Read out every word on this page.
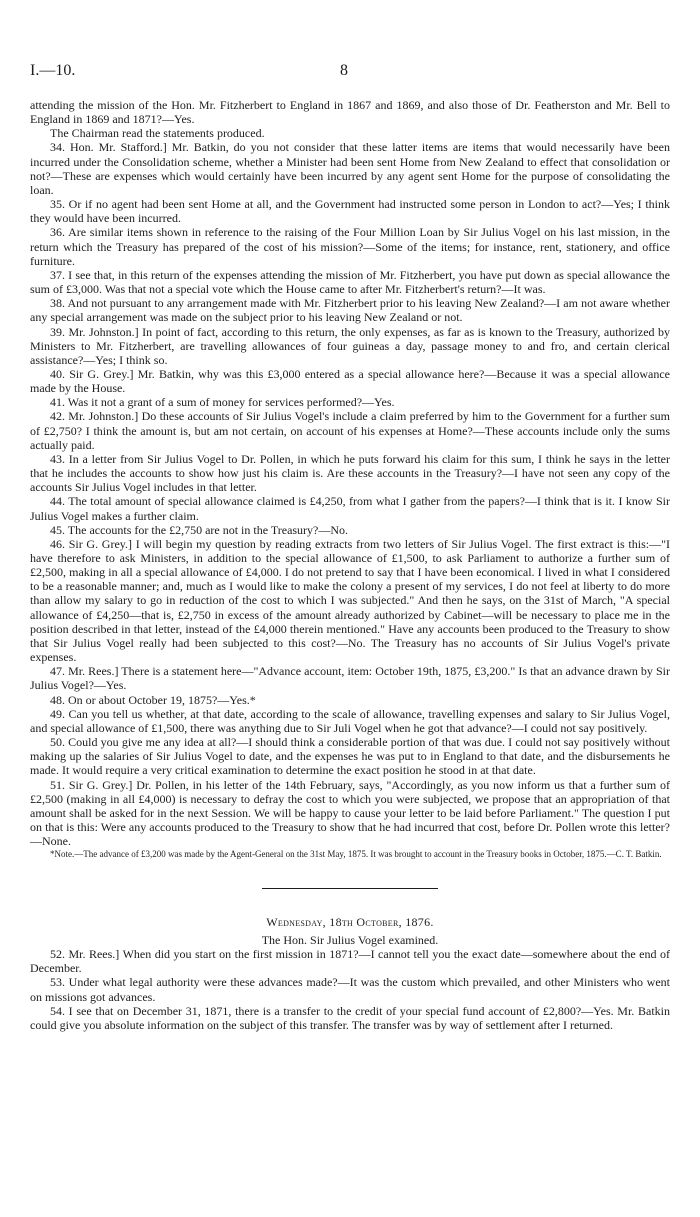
I.—10.	8

attending the mission of the Hon. Mr. Fitzherbert to England in 1867 and 1869, and also those of Dr. Featherston and Mr. Bell to England in 1869 and 1871?—Yes.

The Chairman read the statements produced.

34. Hon. Mr. Stafford.] Mr. Batkin, do you not consider that these latter items are items that would necessarily have been incurred under the Consolidation scheme, whether a Minister had been sent Home from New Zealand to effect that consolidation or not?—These are expenses which would certainly have been incurred by any agent sent Home for the purpose of consolidating the loan.

35. Or if no agent had been sent Home at all, and the Government had instructed some person in London to act?—Yes; I think they would have been incurred.

36. Are similar items shown in reference to the raising of the Four Million Loan by Sir Julius Vogel on his last mission, in the return which the Treasury has prepared of the cost of his mission?—Some of the items; for instance, rent, stationery, and office furniture.

37. I see that, in this return of the expenses attending the mission of Mr. Fitzherbert, you have put down as special allowance the sum of £3,000. Was that not a special vote which the House came to after Mr. Fitzherbert's return?—It was.

38. And not pursuant to any arrangement made with Mr. Fitzherbert prior to his leaving New Zealand?—I am not aware whether any special arrangement was made on the subject prior to his leaving New Zealand or not.

39. Mr. Johnston.] In point of fact, according to this return, the only expenses, as far as is known to the Treasury, authorized by Ministers to Mr. Fitzherbert, are travelling allowances of four guineas a day, passage money to and fro, and certain clerical assistance?—Yes; I think so.

40. Sir G. Grey.] Mr. Batkin, why was this £3,000 entered as a special allowance here?—Because it was a special allowance made by the House.

41. Was it not a grant of a sum of money for services performed?—Yes.

42. Mr. Johnston.] Do these accounts of Sir Julius Vogel's include a claim preferred by him to the Government for a further sum of £2,750? I think the amount is, but am not certain, on account of his expenses at Home?—These accounts include only the sums actually paid.

43. In a letter from Sir Julius Vogel to Dr. Pollen, in which he puts forward his claim for this sum, I think he says in the letter that he includes the accounts to show how just his claim is. Are these accounts in the Treasury?—I have not seen any copy of the accounts Sir Julius Vogel includes in that letter.

44. The total amount of special allowance claimed is £4,250, from what I gather from the papers?—I think that is it. I know Sir Julius Vogel makes a further claim.

45. The accounts for the £2,750 are not in the Treasury?—No.

46. Sir G. Grey.] I will begin my question by reading extracts from two letters of Sir Julius Vogel. The first extract is this:—"I have therefore to ask Ministers, in addition to the special allowance of £1,500, to ask Parliament to authorize a further sum of £2,500, making in all a special allowance of £4,000. I do not pretend to say that I have been economical. I lived in what I considered to be a reasonable manner; and, much as I would like to make the colony a present of my services, I do not feel at liberty to do more than allow my salary to go in reduction of the cost to which I was subjected." And then he says, on the 31st of March, "A special allowance of £4,250—that is, £2,750 in excess of the amount already authorized by Cabinet—will be necessary to place me in the position described in that letter, instead of the £4,000 therein mentioned." Have any accounts been produced to the Treasury to show that Sir Julius Vogel really had been subjected to this cost?—No. The Treasury has no accounts of Sir Julius Vogel's private expenses.

47. Mr. Rees.] There is a statement here—"Advance account, item: October 19th, 1875, £3,200." Is that an advance drawn by Sir Julius Vogel?—Yes.

48. On or about October 19, 1875?—Yes.*

49. Can you tell us whether, at that date, according to the scale of allowance, travelling expenses and salary to Sir Julius Vogel, and special allowance of £1,500, there was anything due to Sir Juli Vogel when he got that advance?—I could not say positively.

50. Could you give me any idea at all?—I should think a considerable portion of that was due. I could not say positively without making up the salaries of Sir Julius Vogel to date, and the expenses he was put to in England to that date, and the disbursements he made. It would require a very critical examination to determine the exact position he stood in at that date.

51. Sir G. Grey.] Dr. Pollen, in his letter of the 14th February, says, "Accordingly, as you now inform us that a further sum of £2,500 (making in all £4,000) is necessary to defray the cost to which you were subjected, we propose that an appropriation of that amount shall be asked for in the next Session. We will be happy to cause your letter to be laid before Parliament." The question I put on that is this: Were any accounts produced to the Treasury to show that he had incurred that cost, before Dr. Pollen wrote this letter?—None.

*Note.—The advance of £3,200 was made by the Agent-General on the 31st May, 1875. It was brought to account in the Treasury books in October, 1875.—C. T. Batkin.

Wednesday, 18th October, 1876.

The Hon. Sir Julius Vogel examined.

52. Mr. Rees.] When did you start on the first mission in 1871?—I cannot tell you the exact date—somewhere about the end of December.

53. Under what legal authority were these advances made?—It was the custom which prevailed, and other Ministers who went on missions got advances.

54. I see that on December 31, 1871, there is a transfer to the credit of your special fund account of £2,800?—Yes. Mr. Batkin could give you absolute information on the subject of this transfer. The transfer was by way of settlement after I returned.
